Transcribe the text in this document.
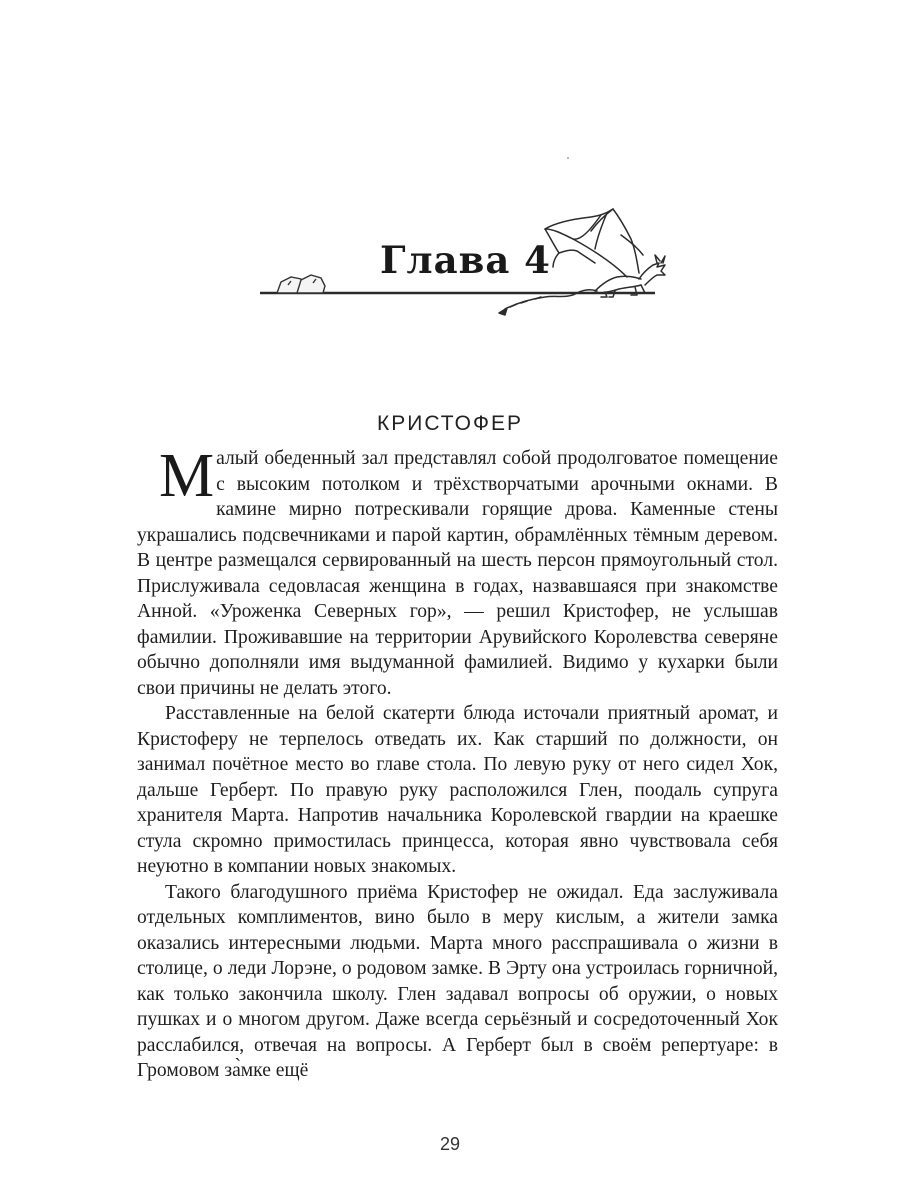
Глава 4
КРИСТОФЕР

Малый обеденный зал представлял собой продолговатое помещение с высоким потолком и трёхстворчатыми арочными окнами. В камине мирно потрескивали горящие дрова. Каменные стены украшались подсвечниками и парой картин, обрамлённых тёмным деревом. В центре размещался сервированный на шесть персон прямоугольный стол. Прислуживала седовласая женщина в годах, назвавшаяся при знакомстве Анной. «Уроженка Северных гор», — решил Кристофер, не услышав фамилии. Проживавшие на территории Арувийского Королевства северяне обычно дополняли имя выдуманной фамилией. Видимо у кухарки были свои причины не делать этого.

Расставленные на белой скатерти блюда источали приятный аромат, и Кристоферу не терпелось отведать их. Как старший по должности, он занимал почётное место во главе стола. По левую руку от него сидел Хок, дальше Герберт. По правую руку расположился Глен, поодаль супруга хранителя Марта. Напротив начальника Королевской гвардии на краешке стула скромно примостилась принцесса, которая явно чувствовала себя неуютно в компании новых знакомых.

Такого благодушного приёма Кристофер не ожидал. Еда заслуживала отдельных комплиментов, вино было в меру кислым, а жители замка оказались интересными людьми. Марта много расспрашивала о жизни в столице, о леди Лорэне, о родовом замке. В Эрту она устроилась горничной, как только закончила школу. Глен задавал вопросы об оружии, о новых пушках и о многом другом. Даже всегда серьёзный и сосредоточенный Хок расслабился, отвечая на вопросы. А Герберт был в своём репертуаре: в Громовом за̀мке ещё

29
